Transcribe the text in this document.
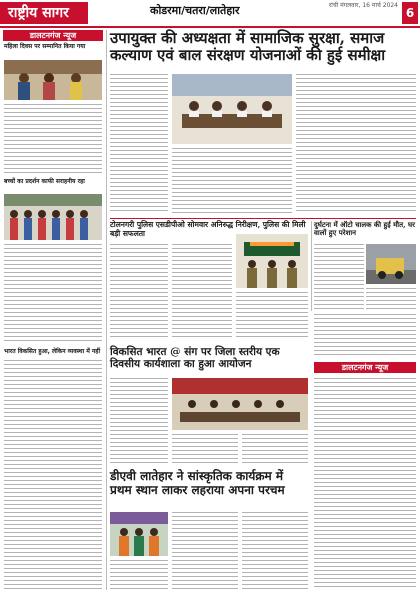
राष्ट्रीय सागर	कोडरमा/चतरा/लातेहार	रांची मंगलवार, 16 मार्च 2024
6
डालटनगंज न्यूज
महिला दिवस पर सम्मानित किया गया
बच्चों का प्रदर्शन काफी सराहनीय रहा
भारत विकसित हुआ, लेकिन व्यवस्था में नहीं
उपायुक्त की अध्यक्षता में सामाजिक सुरक्षा, समाज कल्याण एवं बाल संरक्षण योजनाओं की हुई समीक्षा
टोलनगरी पुलिस एसडीपीओ सोमवार अनिरुद्ध निरीक्षण, पुलिस की मिली बड़ी सफलता
दुर्घटना में ऑटो चालक की हुई मौत, घर वालों हुए परेशान
विकसित भारत @ संग पर जिला स्तरीय एक दिवसीय कार्यशाला का हुआ आयोजन	डालटनगंज न्यूज
डीएवी लातेहार ने सांस्कृतिक कार्यक्रम में प्रथम स्थान लाकर लहराया अपना परचम
